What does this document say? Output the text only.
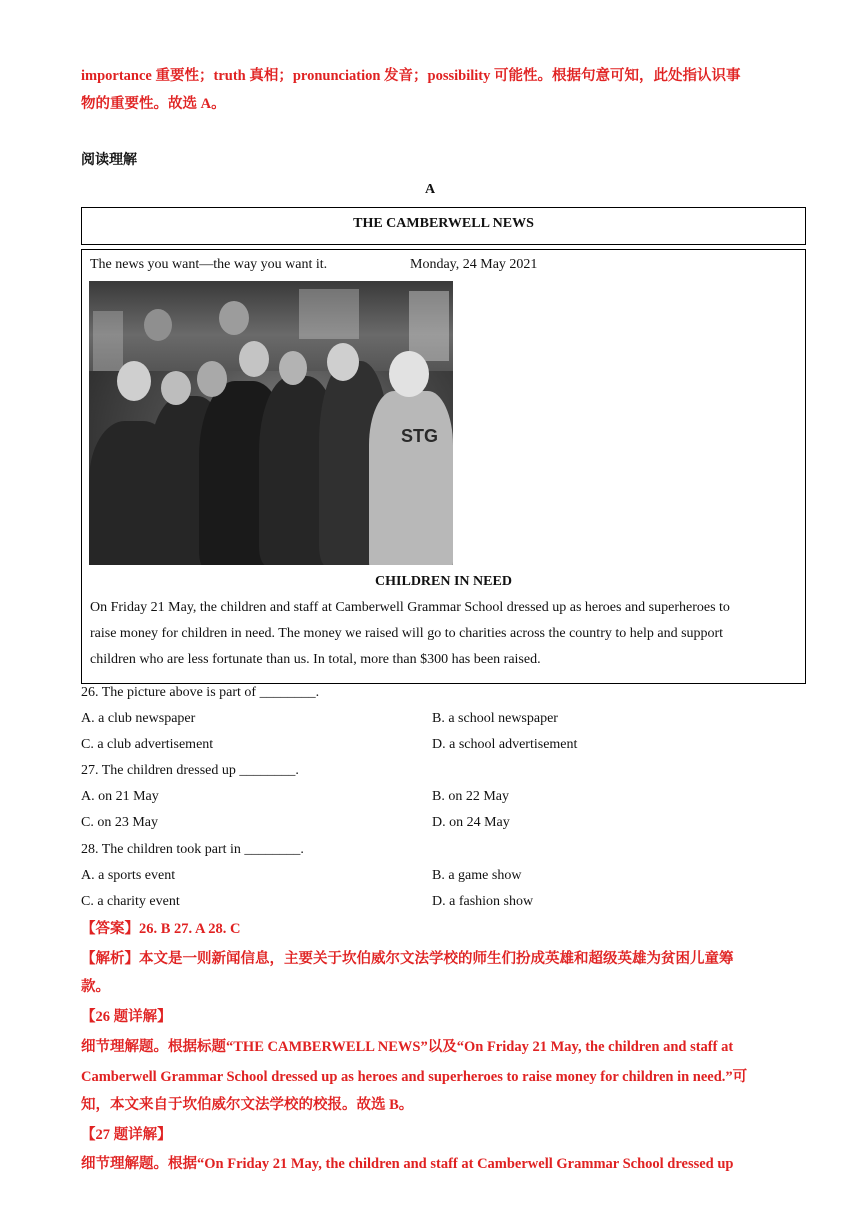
importance 重要性；truth 真相；pronunciation 发音；possibility 可能性。根据句意可知，此处指认识事
物的重要性。故选 A。
阅读理解
A
THE CAMBERWELL NEWS
The news you want—the way you want it.	Monday, 24 May 2021
STG
CHILDREN IN NEED
On Friday 21 May, the children and staff at Camberwell Grammar School dressed up as heroes and superheroes to
raise money for children in need. The money we raised will go to charities across the country to help and support
children who are less fortunate than us. In total, more than $300 has been raised.
26. The picture above is part of ________.
A. a club newspaper	B. a school newspaper
C. a club advertisement	D. a school advertisement
27. The children dressed up ________.
A. on 21 May	B. on 22 May
C. on 23 May	D. on 24 May
28. The children took part in ________.
A. a sports event	B. a game show
C. a charity event	D. a fashion show
【答案】26. B 27. A 28. C
【解析】本文是一则新闻信息，主要关于坎伯威尔文法学校的师生们扮成英雄和超级英雄为贫困儿童筹
款。
【26 题详解】
细节理解题。根据标题“THE CAMBERWELL NEWS”以及“On Friday 21 May, the children and staff at
Camberwell Grammar School dressed up as heroes and superheroes to raise money for children in need.”可
知，本文来自于坎伯威尔文法学校的校报。故选 B。
【27 题详解】
细节理解题。根据“On Friday 21 May, the children and staff at Camberwell Grammar School dressed up
